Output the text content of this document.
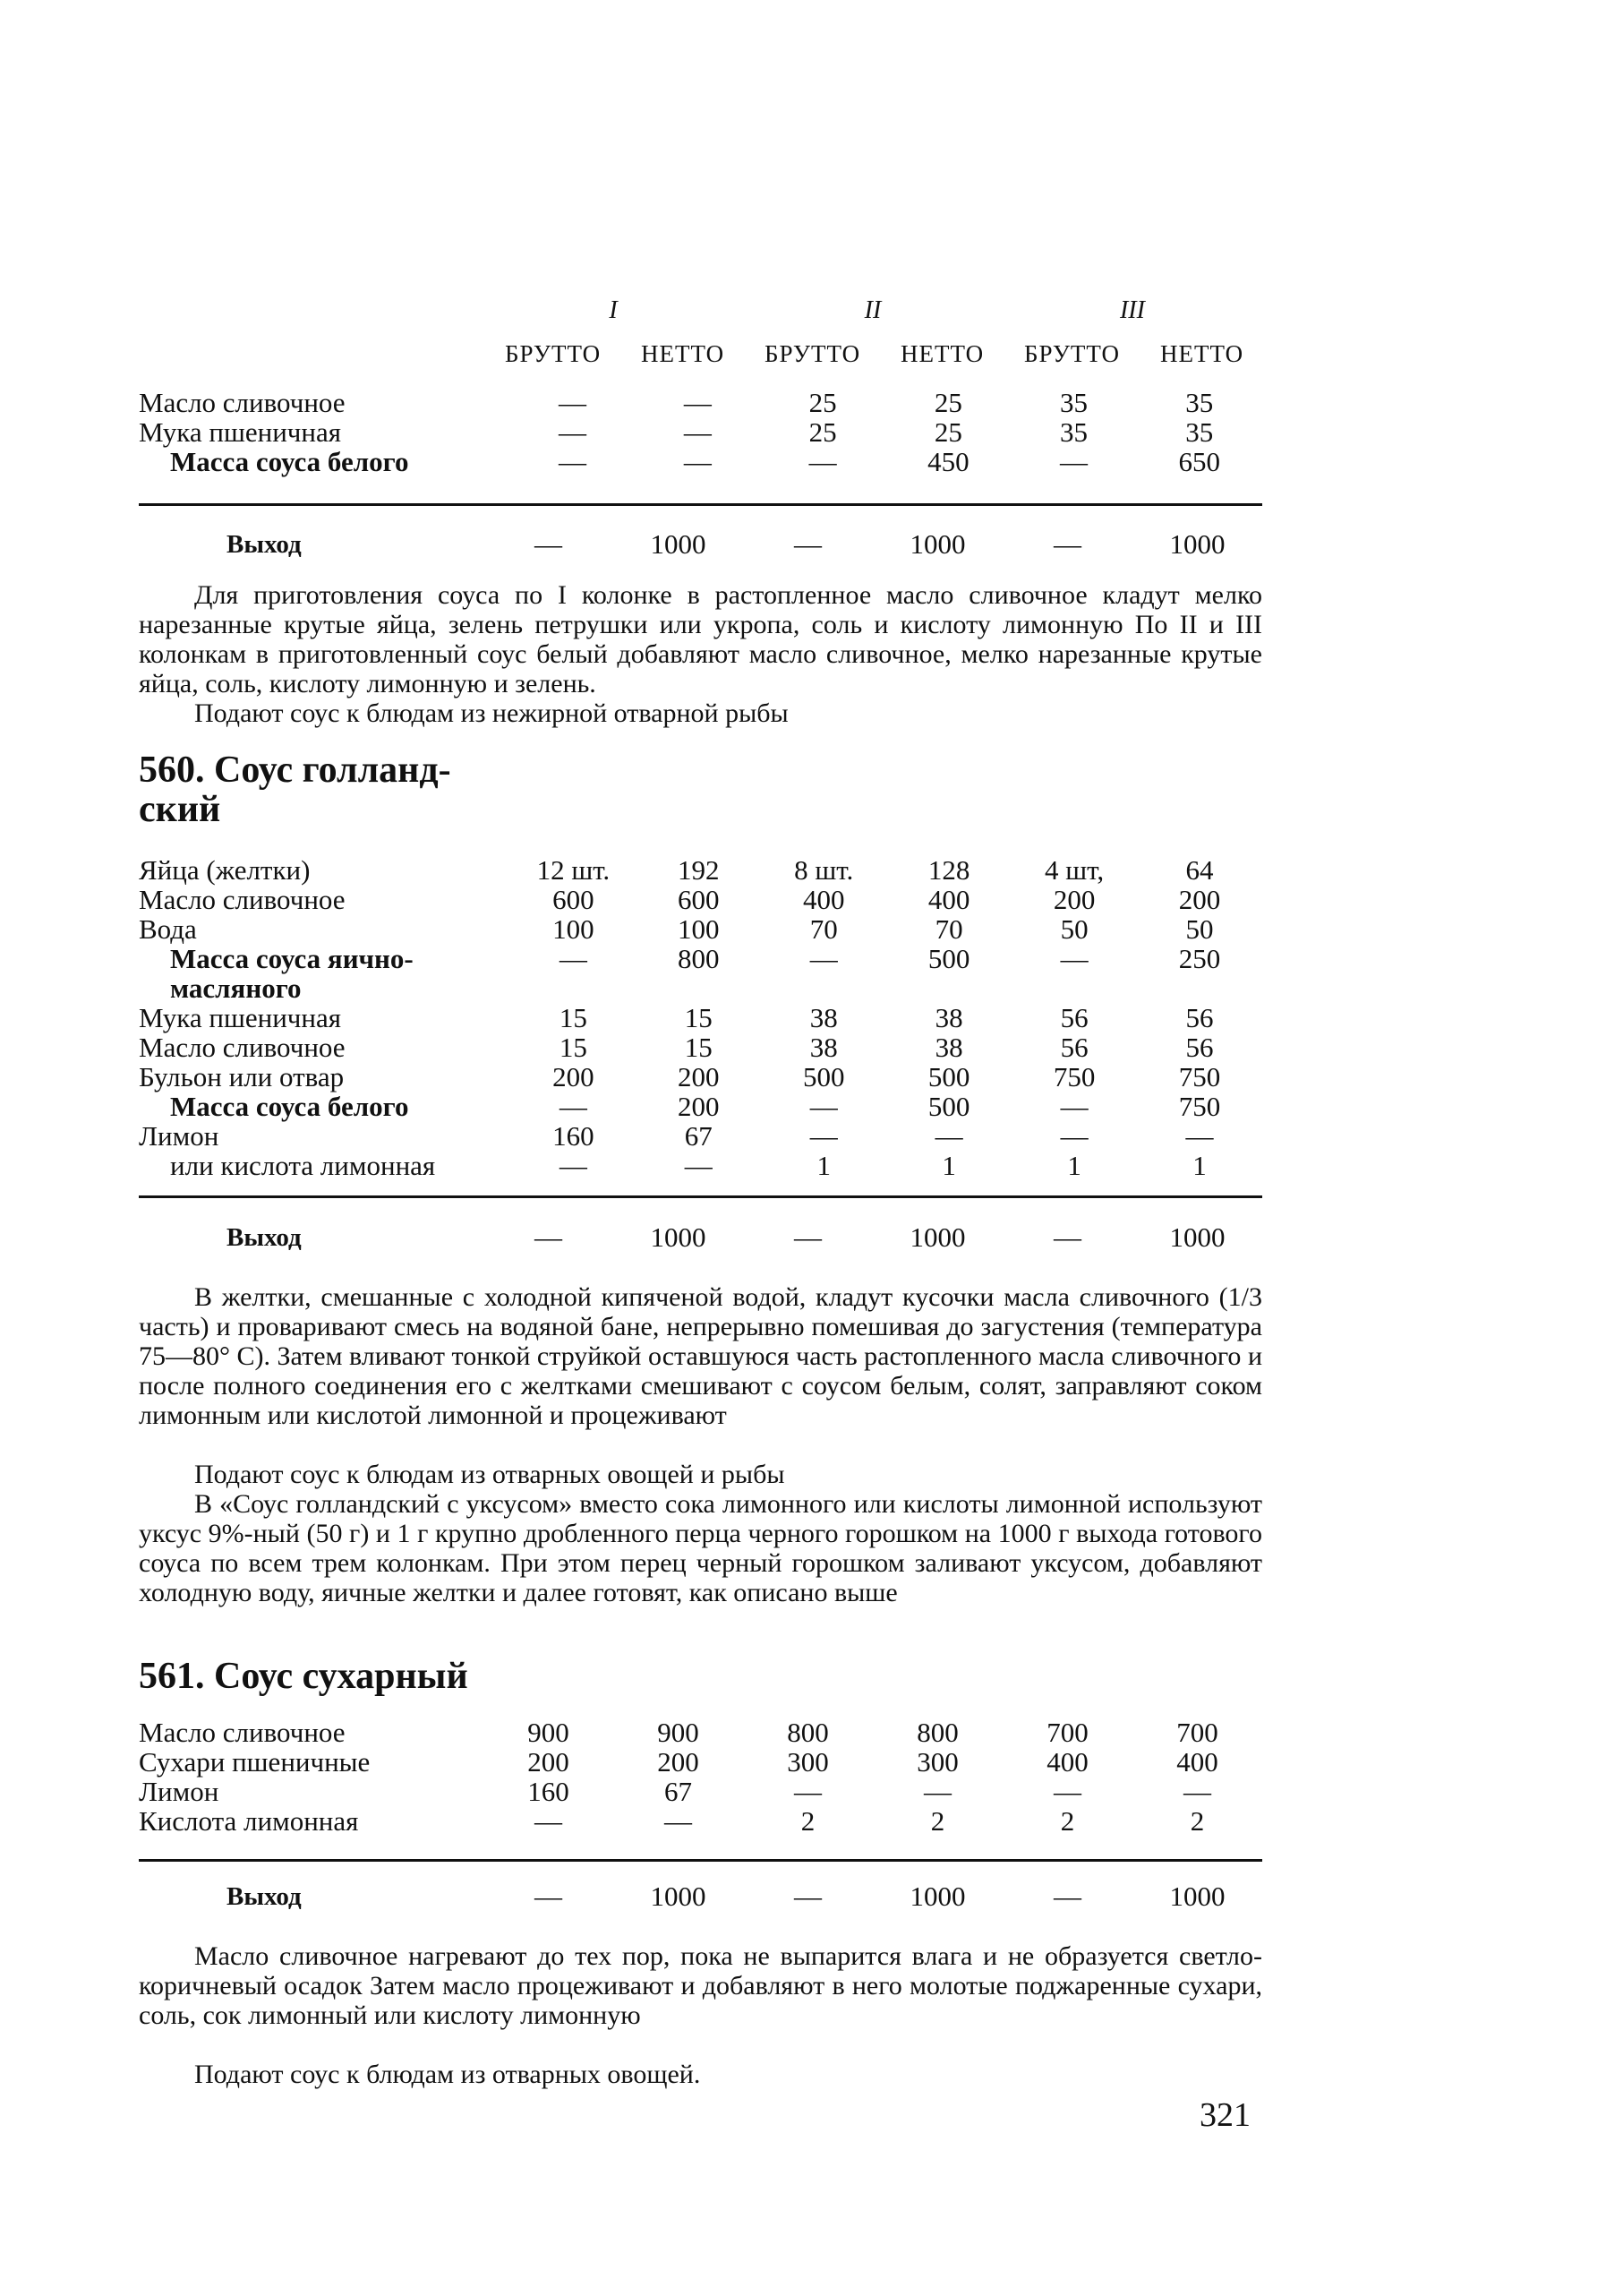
	I		II		III	

	БРУТТО	НЕТТО	БРУТТО	НЕТТО	БРУТТО	НЕТТО
Масло сливочное	—	—	25	25	35	35
Мука пшеничная	—	—	25	25	35	35
Масса соуса белого	—	—	—	450	—	650
Выход	—	1000	—	1000	—	1000

Для приготовления соуса по I колонке в растопленное масло сливочное кладут мелко нарезанные крутые яйца, зелень петрушки или укропа, соль и кислоту лимонную По II и III колонкам в приготовленный соус белый добавляют масло сливочное, мелко нарезанные крутые яйца, соль, кислоту лимонную и зелень.

Подают соус к блюдам из нежирной отварной рыбы

560. Соус голланд-
ский
Яйца (желтки)	12 шт.	192	8 шт.	128	4 шт,	64
Масло сливочное	600	600	400	400	200	200
Вода	100	100	70	70	50	50
Масса соуса яично-масляного	—	800	—	500	—	250
Мука пшеничная	15	15	38	38	56	56
Масло сливочное	15	15	38	38	56	56
Бульон или отвар	200	200	500	500	750	750
Масса соуса белого	—	200	—	500	—	750
Лимон	160	67	—	—	—	—
или кислота лимонная	—	—	1	1	1	1
Выход	—	1000	—	1000	—	1000

В желтки, смешанные с холодной кипяченой водой, кладут кусочки масла сливочного (1/3 часть) и проваривают смесь на водяной бане, непрерывно помешивая до загустения (температура 75—80° С). Затем вливают тонкой струйкой оставшуюся часть растопленного масла сливочного и после полного соединения его с желтками смешивают с соусом белым, солят, заправляют соком лимонным или кислотой лимонной и процеживают

Подают соус к блюдам из отварных овощей и рыбы

В «Соус голландский с уксусом» вместо сока лимонного или кислоты лимонной используют уксус 9%-ный (50 г) и 1 г крупно дробленного перца черного горошком на 1000 г выхода готового соуса по всем трем колонкам. При этом перец черный горошком заливают уксусом, добавляют холодную воду, яичные желтки и далее готовят, как описано выше

561. Соус сухарный
Масло сливочное	900	900	800	800	700	700
Сухари пшеничные	200	200	300	300	400	400
Лимон	160	67	—	—	—	—
Кислота лимонная	—	—	2	2	2	2
Выход	—	1000	—	1000	—	1000

Масло сливочное нагревают до тех пор, пока не выпарится влага и не образуется светло-коричневый осадок Затем масло процеживают и добавляют в него молотые поджаренные сухари, соль, сок лимонный или кислоту лимонную

Подают соус к блюдам из отварных овощей.

321
